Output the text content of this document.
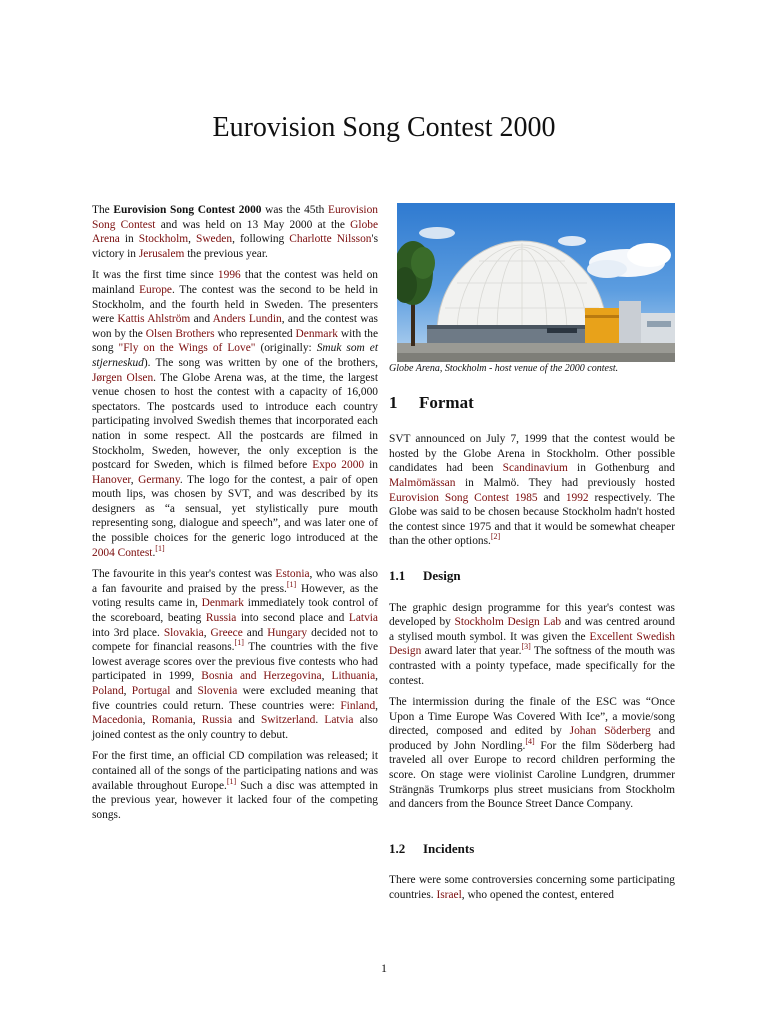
Eurovision Song Contest 2000

The Eurovision Song Contest 2000 was the 45th Eurovision Song Contest and was held on 13 May 2000 at the Globe Arena in Stockholm, Sweden, following Charlotte Nilsson's victory in Jerusalem the previous year.

It was the first time since 1996 that the contest was held on mainland Europe. The contest was the second to be held in Stockholm, and the fourth held in Sweden. The presenters were Kattis Ahlström and Anders Lundin, and the contest was won by the Olsen Brothers who represented Denmark with the song "Fly on the Wings of Love" (originally: Smuk som et stjerneskud). The song was written by one of the brothers, Jørgen Olsen. The Globe Arena was, at the time, the largest venue chosen to host the contest with a capacity of 16,000 spectators. The postcards used to introduce each country participating involved Swedish themes that incorporated each nation in some respect. All the postcards are filmed in Stockholm, Sweden, however, the only exception is the postcard for Sweden, which is filmed before Expo 2000 in Hanover, Germany. The logo for the contest, a pair of open mouth lips, was chosen by SVT, and was described by its designers as “a sensual, yet stylistically pure mouth representing song, dialogue and speech”, and was later one of the possible choices for the generic logo introduced at the 2004 Contest.[1]

The favourite in this year's contest was Estonia, who was also a fan favourite and praised by the press.[1] However, as the voting results came in, Denmark immediately took control of the scoreboard, beating Russia into second place and Latvia into 3rd place. Slovakia, Greece and Hungary decided not to compete for financial reasons.[1] The countries with the five lowest average scores over the previous five contests who had participated in 1999, Bosnia and Herzegovina, Lithuania, Poland, Portugal and Slovenia were excluded meaning that five countries could return. These countries were: Finland, Macedonia, Romania, Russia and Switzerland. Latvia also joined contest as the only country to debut.

For the first time, an official CD compilation was released; it contained all of the songs of the participating nations and was available throughout Europe.[1] Such a disc was attempted in the previous year, however it lacked four of the competing songs.

Globe Arena, Stockholm - host venue of the 2000 contest.

1 Format

SVT announced on July 7, 1999 that the contest would be hosted by the Globe Arena in Stockholm. Other possible candidates had been Scandinavium in Gothenburg and Malmömässan in Malmö. They had previously hosted Eurovision Song Contest 1985 and 1992 respectively. The Globe was said to be chosen because Stockholm hadn't hosted the contest since 1975 and that it would be somewhat cheaper than the other options.[2]

1.1 Design

The graphic design programme for this year's contest was developed by Stockholm Design Lab and was centred around a stylised mouth symbol. It was given the Excellent Swedish Design award later that year.[3] The softness of the mouth was contrasted with a pointy typeface, made specifically for the contest.

The intermission during the finale of the ESC was “Once Upon a Time Europe Was Covered With Ice”, a movie/song directed, composed and edited by Johan Söderberg and produced by John Nordling.[4] For the film Söderberg had traveled all over Europe to record children performing the score. On stage were violinist Caroline Lundgren, drummer Strängnäs Trumkorps plus street musicians from Stockholm and dancers from the Bounce Street Dance Company.

1.2 Incidents

There were some controversies concerning some participating countries. Israel, who opened the contest, entered

1
